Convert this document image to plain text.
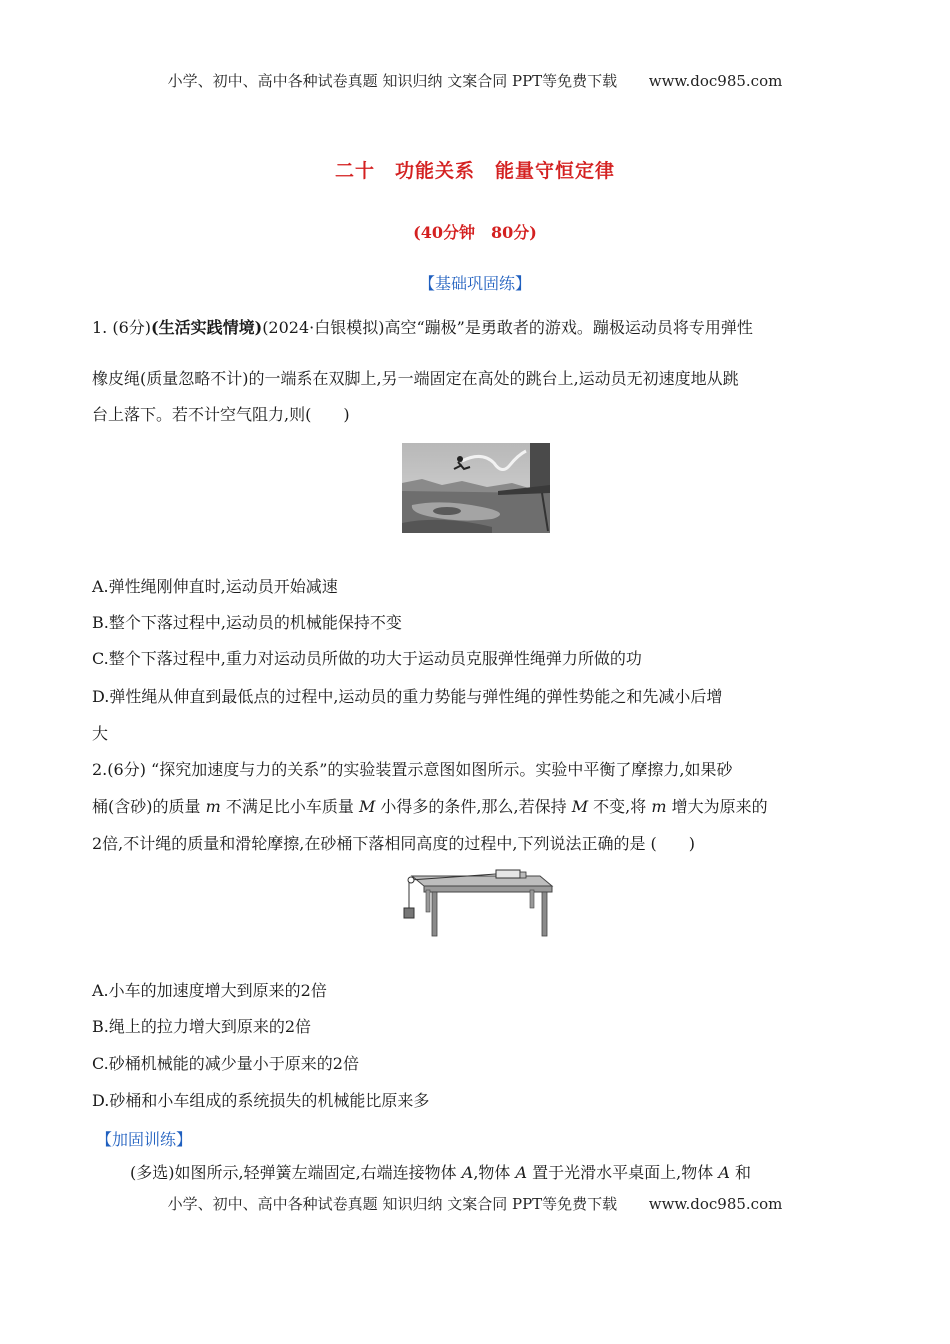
小学、初中、高中各种试卷真题 知识归纳 文案合同 PPT等免费下载 www.doc985.com
二十　功能关系　能量守恒定律
(40分钟　80分)
【基础巩固练】
1. (6分)(生活实践情境)(2024·白银模拟)高空“蹦极”是勇敢者的游戏。蹦极运动员将专用弹性
橡皮绳(质量忽略不计)的一端系在双脚上,另一端固定在高处的跳台上,运动员无初速度地从跳
台上落下。若不计空气阻力,则(　　)
A.弹性绳刚伸直时,运动员开始减速
B.整个下落过程中,运动员的机械能保持不变
C.整个下落过程中,重力对运动员所做的功大于运动员克服弹性绳弹力所做的功
D.弹性绳从伸直到最低点的过程中,运动员的重力势能与弹性绳的弹性势能之和先减小后增
大
2.(6分) “探究加速度与力的关系”的实验装置示意图如图所示。实验中平衡了摩擦力,如果砂
桶(含砂)的质量 m 不满足比小车质量 M 小得多的条件,那么,若保持 M 不变,将 m 增大为原来的
2倍,不计绳的质量和滑轮摩擦,在砂桶下落相同高度的过程中,下列说法正确的是 (　　)
A.小车的加速度增大到原来的2倍
B.绳上的拉力增大到原来的2倍
C.砂桶机械能的减少量小于原来的2倍
D.砂桶和小车组成的系统损失的机械能比原来多
【加固训练】
(多选)如图所示,轻弹簧左端固定,右端连接物体 A,物体 A 置于光滑水平桌面上,物体 A 和
小学、初中、高中各种试卷真题 知识归纳 文案合同 PPT等免费下载 www.doc985.com
